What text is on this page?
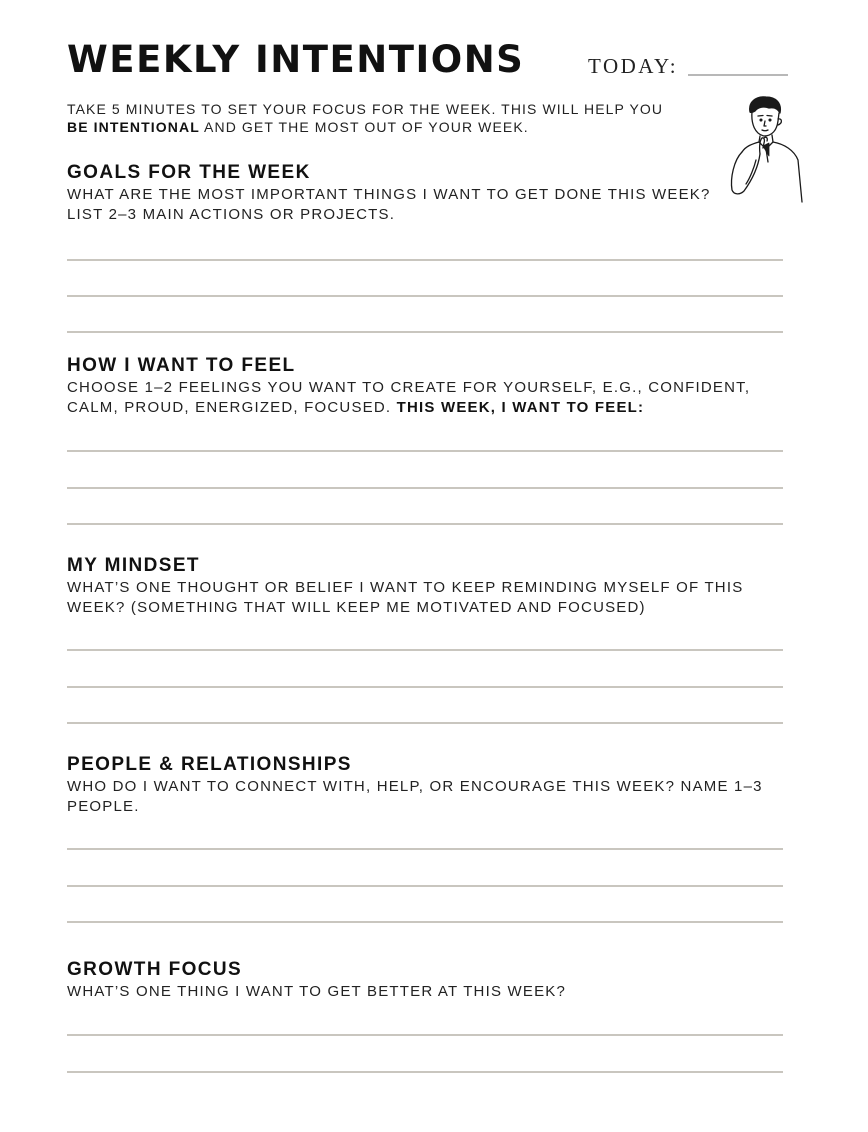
WEEKLY INTENTIONS	TODAY:
TAKE 5 MINUTES TO SET YOUR FOCUS FOR THE WEEK. THIS WILL HELP YOU
BE INTENTIONAL AND GET THE MOST OUT OF YOUR WEEK.
GOALS FOR THE WEEK

WHAT ARE THE MOST IMPORTANT THINGS I WANT TO GET DONE THIS WEEK?
LIST 2–3 MAIN ACTIONS OR PROJECTS.

HOW I WANT TO FEEL

CHOOSE 1–2 FEELINGS YOU WANT TO CREATE FOR YOURSELF, E.G., CONFIDENT,
CALM, PROUD, ENERGIZED, FOCUSED. THIS WEEK, I WANT TO FEEL:

MY MINDSET

WHAT’S ONE THOUGHT OR BELIEF I WANT TO KEEP REMINDING MYSELF OF THIS
WEEK? (SOMETHING THAT WILL KEEP ME MOTIVATED AND FOCUSED)

PEOPLE & RELATIONSHIPS

WHO DO I WANT TO CONNECT WITH, HELP, OR ENCOURAGE THIS WEEK? NAME 1–3
PEOPLE.

GROWTH FOCUS

WHAT’S ONE THING I WANT TO GET BETTER AT THIS WEEK?
